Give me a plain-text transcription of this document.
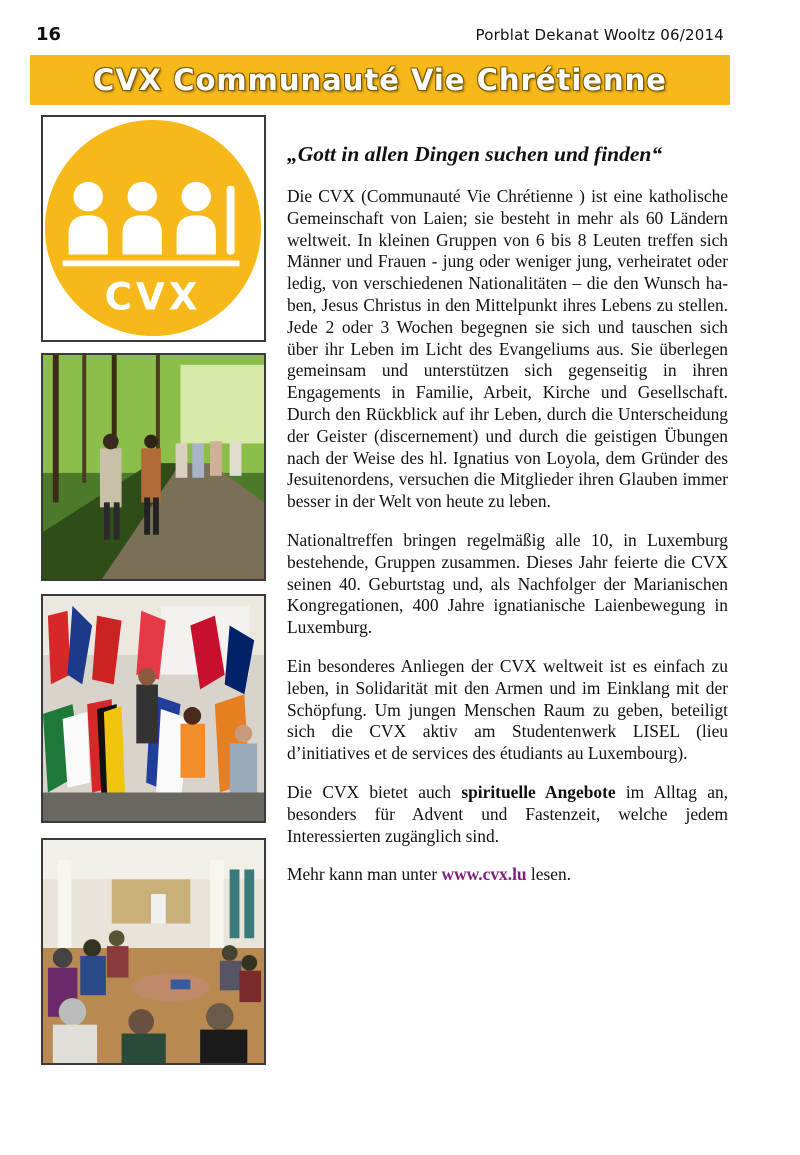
16	Porblat Dekanat Wooltz 06/2014
CVX Communauté Vie Chrétienne
CVX

„Gott in allen Dingen suchen und finden“

Die CVX (Communauté Vie Chrétienne ) ist eine katholische Gemeinschaft von Laien; sie besteht in mehr als 60 Ländern weltweit. In kleinen Gruppen von 6 bis 8 Leuten treffen sich Männer und Frauen - jung oder weniger jung, verheiratet oder ledig, von verschiedenen Nationalitäten – die den Wunsch haben, Jesus Christus in den Mittelpunkt ihres Lebens zu stellen. Jede 2 oder 3 Wochen begegnen sie sich und tauschen sich über ihr Leben im Licht des Evangeliums aus. Sie überlegen gemeinsam und unterstützen sich gegenseitig in ihren Engagements in Familie, Arbeit, Kirche und Gesellschaft. Durch den Rückblick auf ihr Leben, durch die Unterscheidung der Geister (discernement) und durch die geistigen Übungen nach der Weise des hl. Ignatius von Loyola, dem Gründer des Jesuitenordens, versuchen die Mitglieder ihren Glauben immer besser in der Welt von heute zu leben.

Nationaltreffen bringen regelmäßig alle 10, in Luxemburg bestehende, Gruppen zusammen. Dieses Jahr feierte die CVX seinen 40. Geburtstag und, als Nachfolger der Marianischen Kongregationen, 400 Jahre ignatianische Laienbewegung in Luxemburg.

Ein besonderes Anliegen der CVX weltweit ist es einfach zu leben, in Solidarität mit den Armen und im Einklang mit der Schöpfung. Um jungen Menschen Raum zu geben, beteiligt sich die CVX aktiv am Studentenwerk LISEL (lieu d’initiatives et de services des étudiants au Luxembourg).

Die CVX bietet auch spirituelle Angebote im Alltag an, besonders für Advent und Fastenzeit, welche jedem Interessierten zugänglich sind.

Mehr kann man unter www.cvx.lu lesen.
